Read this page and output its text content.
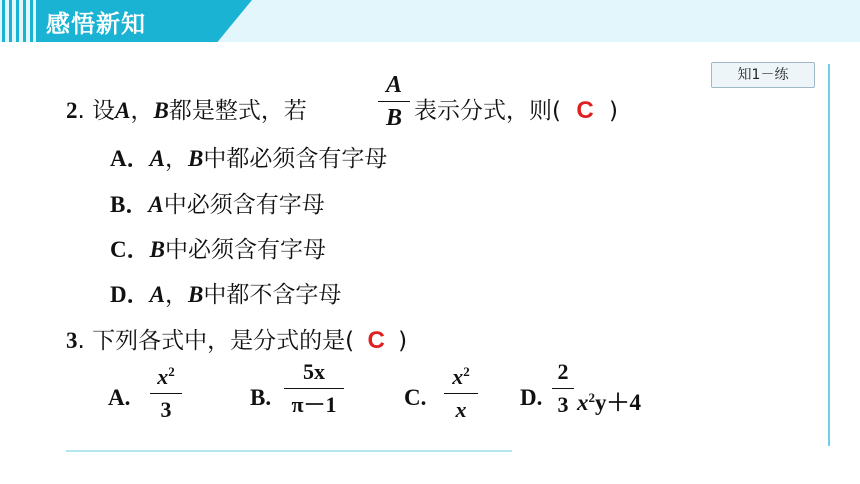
感悟新知
知1－练
2. 设A，B都是整式，若
A
B 表示分式，则( C )
A．A，B中都必须含有字母
B．A中必须含有字母
C．B中必须含有字母
D．A，B中都不含字母
3. 下列各式中，是分式的是( C )
A.
$x^2$
3	B.
5x
π－1	C.
$x^2$
x	D.
2
3 $x^2y+4$
